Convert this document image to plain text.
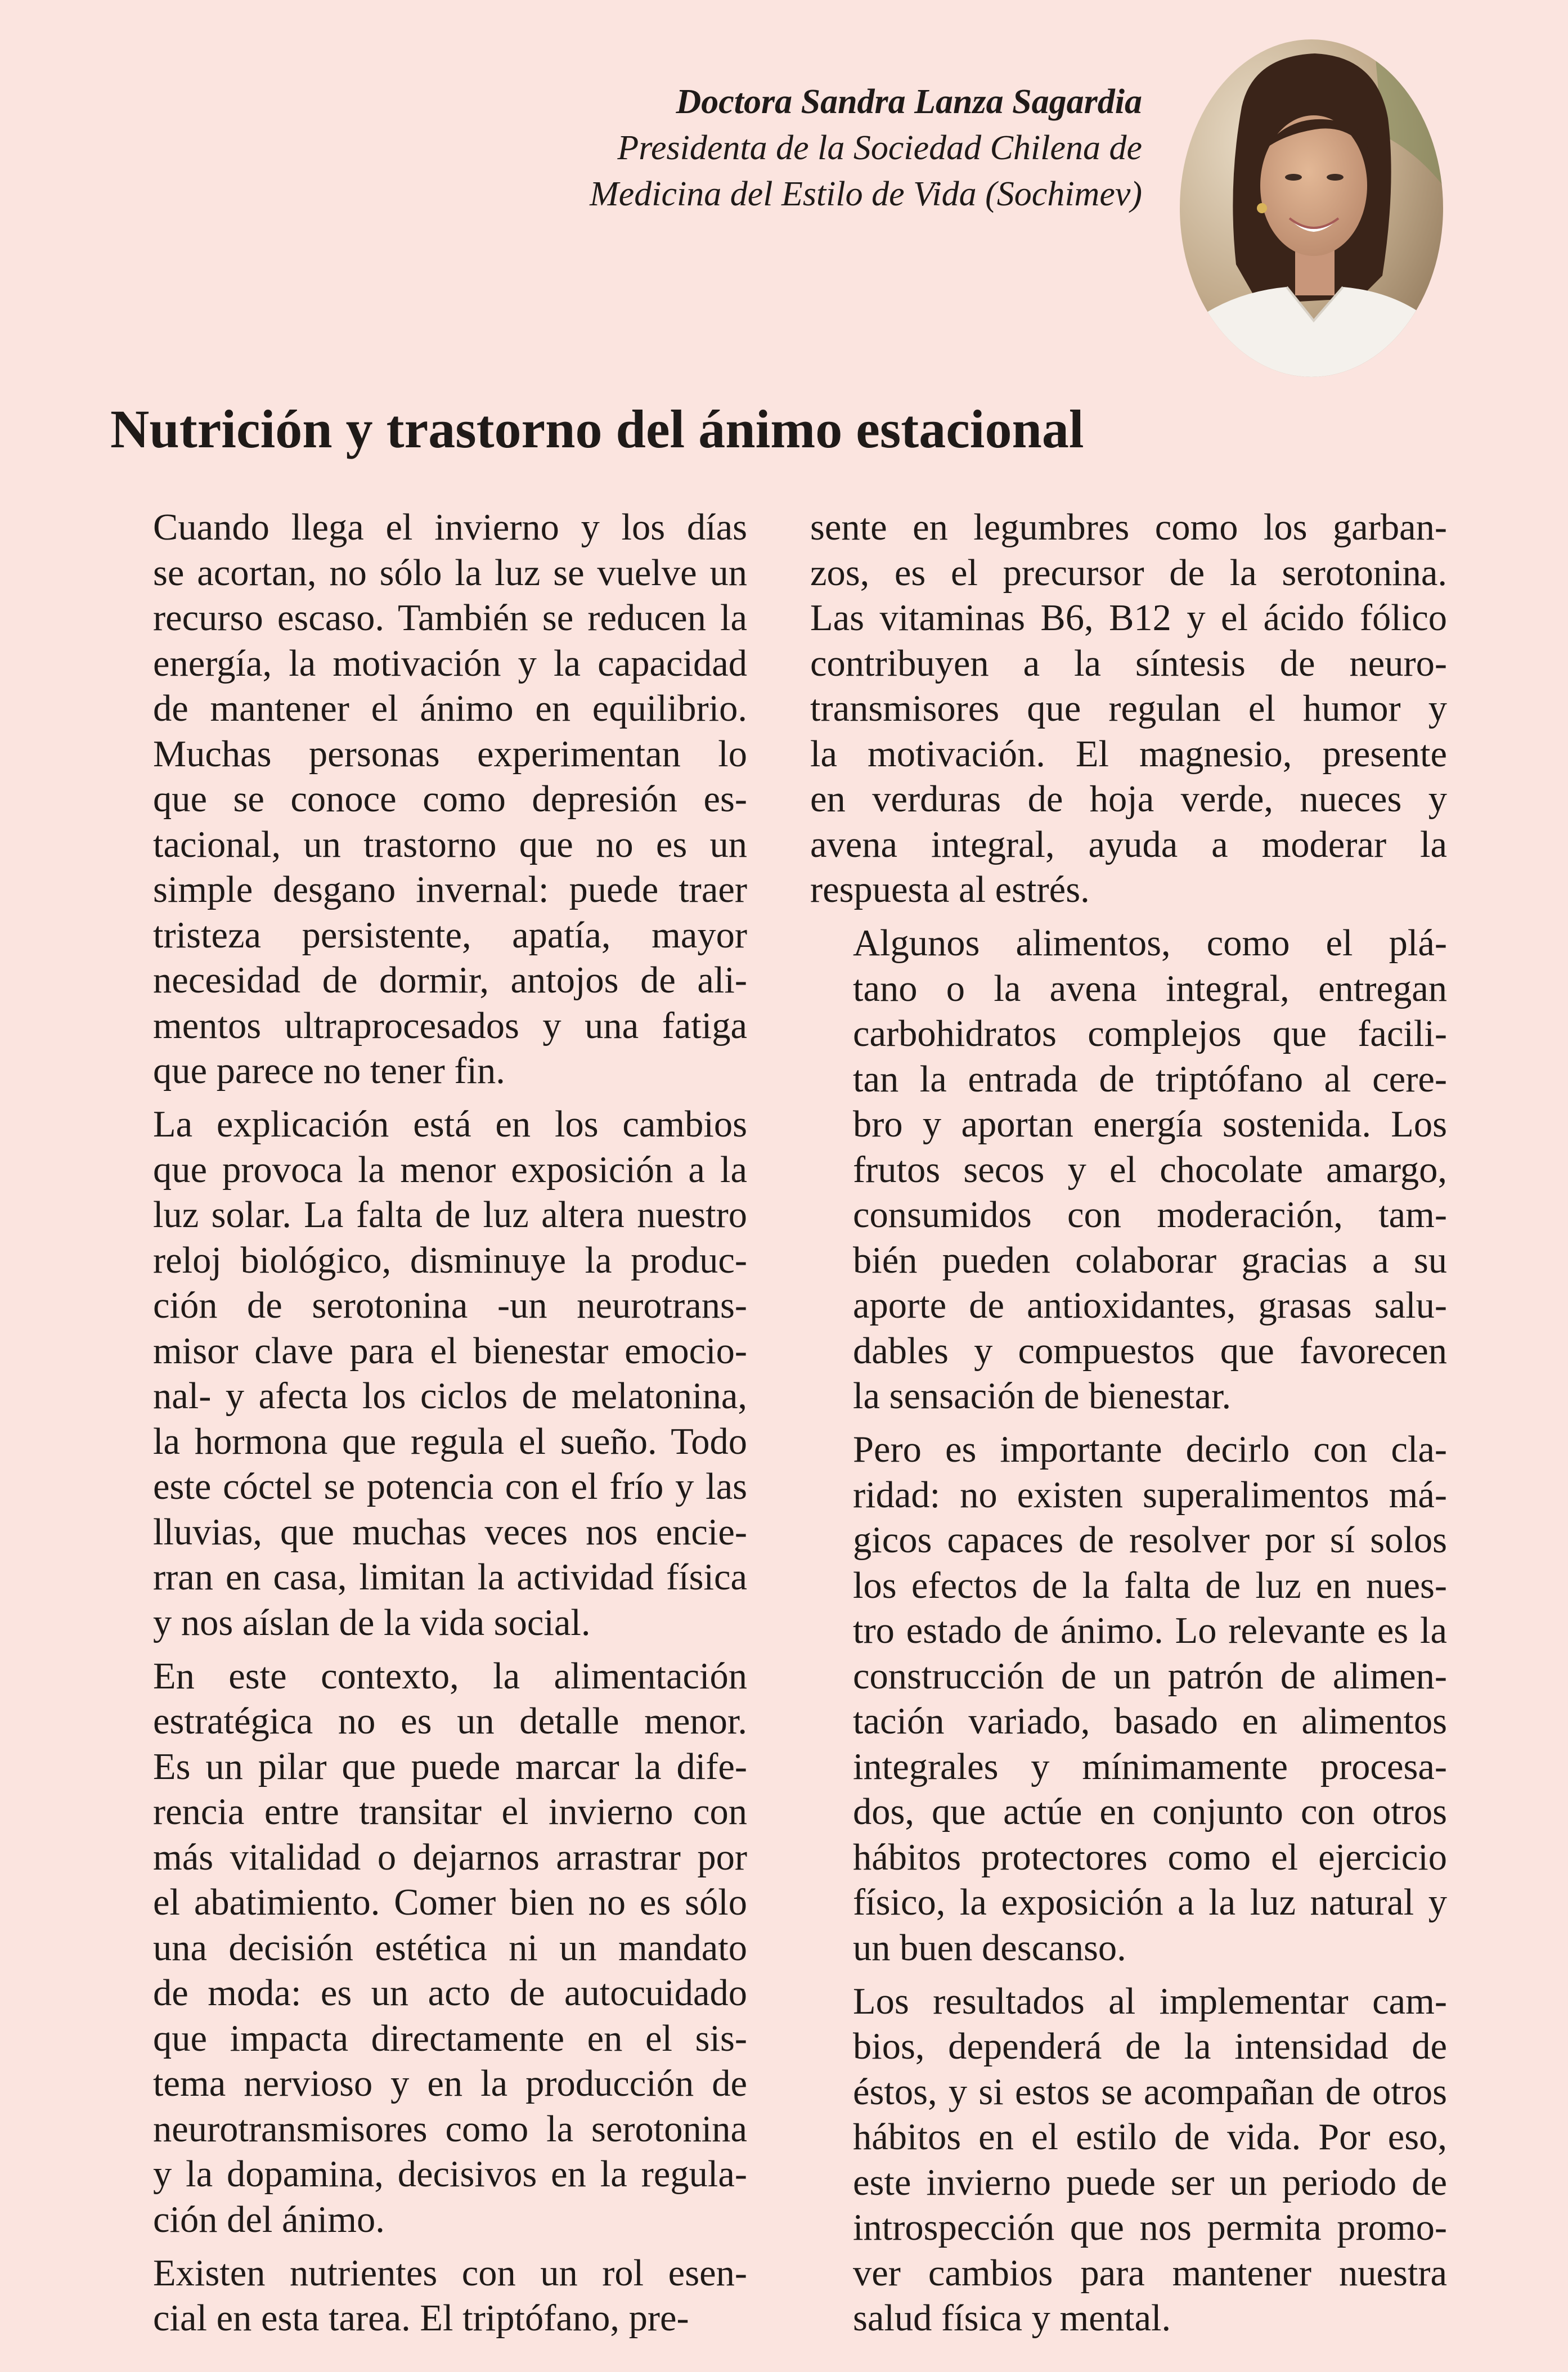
Doctora Sandra Lanza Sagardia
Presidenta de la Sociedad Chilena de
Medicina del Estilo de Vida (Sochimev)
Nutrición y trastorno del ánimo estacional
Cuando llega el invierno y los días
se acortan, no sólo la luz se vuelve un
recurso escaso. También se reducen la
energía, la motivación y la capacidad
de mantener el ánimo en equilibrio.
Muchas personas experimentan lo
que se conoce como depresión es-
tacional, un trastorno que no es un
simple desgano invernal: puede traer
tristeza persistente, apatía, mayor
necesidad de dormir, antojos de ali-
mentos ultraprocesados y una fatiga
que parece no tener fin.
La explicación está en los cambios
que provoca la menor exposición a la
luz solar. La falta de luz altera nuestro
reloj biológico, disminuye la produc-
ción de serotonina -un neurotrans-
misor clave para el bienestar emocio-
nal- y afecta los ciclos de melatonina,
la hormona que regula el sueño. Todo
este cóctel se potencia con el frío y las
lluvias, que muchas veces nos encie-
rran en casa, limitan la actividad física
y nos aíslan de la vida social.
En este contexto, la alimentación
estratégica no es un detalle menor.
Es un pilar que puede marcar la dife-
rencia entre transitar el invierno con
más vitalidad o dejarnos arrastrar por
el abatimiento. Comer bien no es sólo
una decisión estética ni un mandato
de moda: es un acto de autocuidado
que impacta directamente en el sis-
tema nervioso y en la producción de
neurotransmisores como la serotonina
y la dopamina, decisivos en la regula-
ción del ánimo.
Existen nutrientes con un rol esen-
cial en esta tarea. El triptófano, pre-
sente en legumbres como los garban-
zos, es el precursor de la serotonina.
Las vitaminas B6, B12 y el ácido fólico
contribuyen a la síntesis de neuro-
transmisores que regulan el humor y
la motivación. El magnesio, presente
en verduras de hoja verde, nueces y
avena integral, ayuda a moderar la
respuesta al estrés.
Algunos alimentos, como el plá-
tano o la avena integral, entregan
carbohidratos complejos que facili-
tan la entrada de triptófano al cere-
bro y aportan energía sostenida. Los
frutos secos y el chocolate amargo,
consumidos con moderación, tam-
bién pueden colaborar gracias a su
aporte de antioxidantes, grasas salu-
dables y compuestos que favorecen
la sensación de bienestar.
Pero es importante decirlo con cla-
ridad: no existen superalimentos má-
gicos capaces de resolver por sí solos
los efectos de la falta de luz en nues-
tro estado de ánimo. Lo relevante es la
construcción de un patrón de alimen-
tación variado, basado en alimentos
integrales y mínimamente procesa-
dos, que actúe en conjunto con otros
hábitos protectores como el ejercicio
físico, la exposición a la luz natural y
un buen descanso.
Los resultados al implementar cam-
bios, dependerá de la intensidad de
éstos, y si estos se acompañan de otros
hábitos en el estilo de vida. Por eso,
este invierno puede ser un periodo de
introspección que nos permita promo-
ver cambios para mantener nuestra
salud física y mental.
